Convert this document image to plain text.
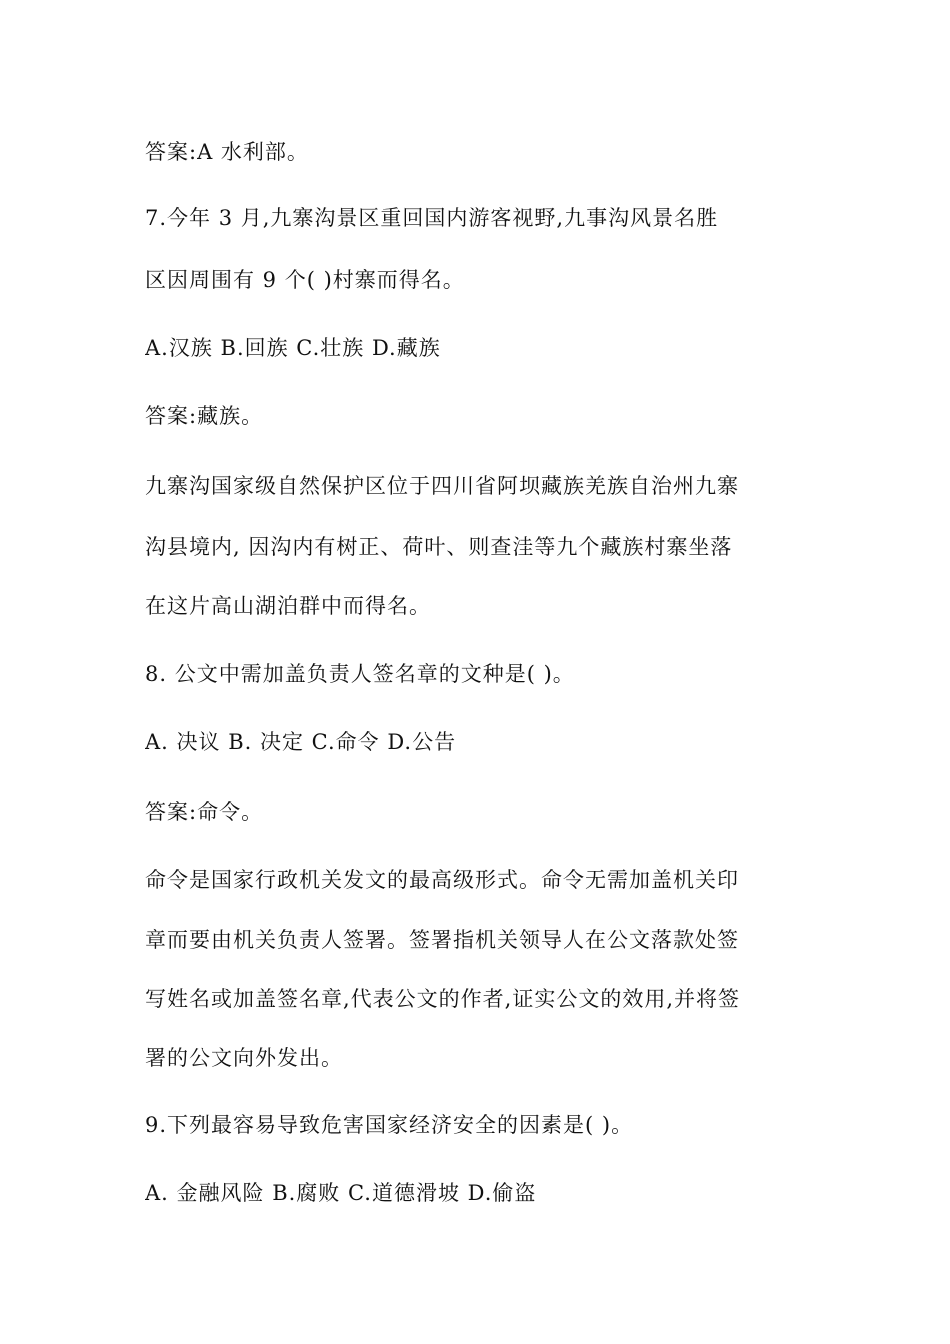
答案:A 水利部。
7.今年 3 月,九寨沟景区重回国内游客视野,九事沟风景名胜
区因周围有 9 个( )村寨而得名。
A.汉族 B.回族 C.壮族 D.藏族
答案:藏族。
九寨沟国家级自然保护区位于四川省阿坝藏族羌族自治州九寨
沟县境内, 因沟内有树正、荷叶、则查洼等九个藏族村寨坐落
在这片高山湖泊群中而得名。
8. 公文中需加盖负责人签名章的文种是( )。
A. 决议 B. 决定 C.命令 D.公告
答案:命令。
命令是国家行政机关发文的最高级形式。命令无需加盖机关印
章而要由机关负责人签署。签署指机关领导人在公文落款处签
写姓名或加盖签名章,代表公文的作者,证实公文的效用,并将签
署的公文向外发出。
9.下列最容易导致危害国家经济安全的因素是( )。
A. 金融风险 B.腐败 C.道德滑坡 D.偷盗
